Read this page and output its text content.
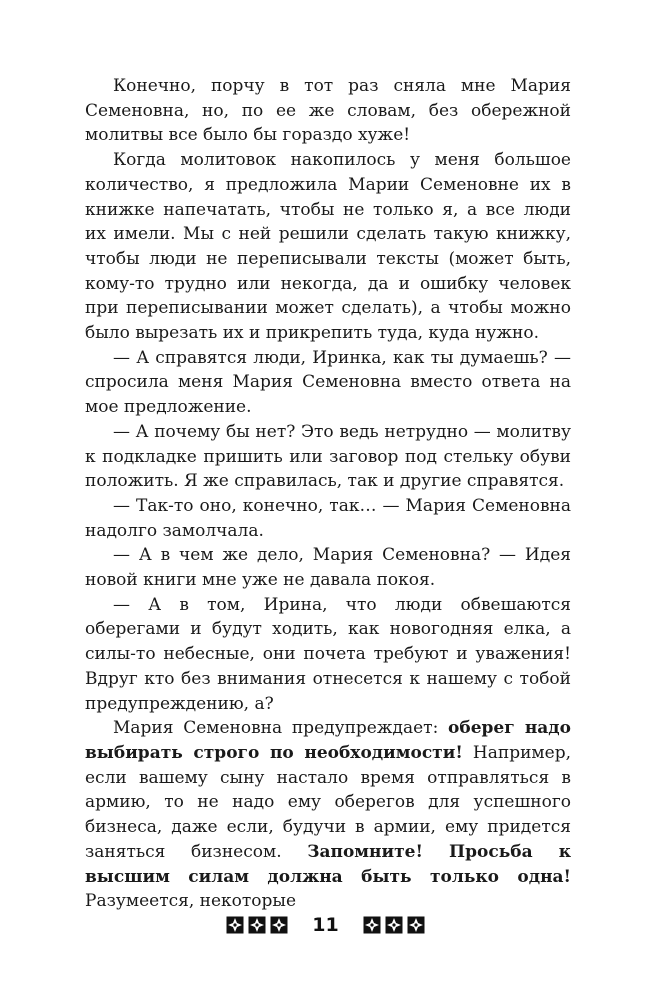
Конечно, порчу в тот раз сняла мне Мария Семеновна, но, по ее же словам, без обережной молитвы все было бы гораздо хуже!

Когда молитовок накопилось у меня большое количество, я предложила Марии Семеновне их в книжке напечатать, чтобы не только я, а все люди их имели. Мы с ней решили сделать такую книжку, чтобы люди не переписывали тексты (может быть, кому-то трудно или некогда, да и ошибку человек при переписывании может сделать), а чтобы можно было вырезать их и прикрепить туда, куда нужно.

— А справятся люди, Иринка, как ты думаешь? — спросила меня Мария Семеновна вместо ответа на мое предложение.

— А почему бы нет? Это ведь нетрудно — молитву к подкладке пришить или заговор под стельку обуви положить. Я же справилась, так и другие справятся.

— Так-то оно, конечно, так… — Мария Семеновна надолго замолчала.

— А в чем же дело, Мария Семеновна? — Идея новой книги мне уже не давала покоя.

— А в том, Ирина, что люди обвешаются оберегами и будут ходить, как новогодняя елка, а силы-то небесные, они почета требуют и уважения! Вдруг кто без внимания отнесется к нашему с тобой предупреждению, а?

Мария Семеновна предупреждает: оберег надо выбирать строго по необходимости! Например, если вашему сыну настало время отправляться в армию, то не надо ему оберегов для успешного бизнеса, даже если, будучи в армии, ему придется заняться бизнесом. Запомните! Просьба к высшим силам должна быть только одна! Разумеется, некоторые

11
